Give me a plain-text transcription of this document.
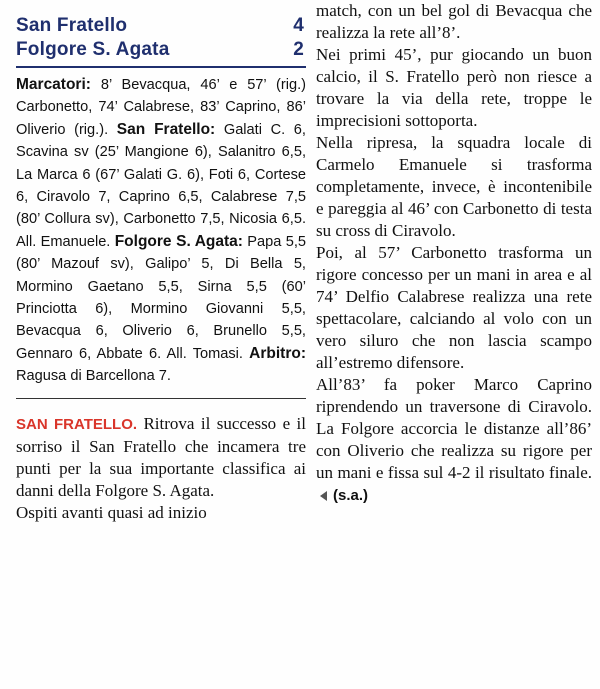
San Fratello	4
Folgore S. Agata	2
Marcatori: 8’ Bevacqua, 46’ e 57’ (rig.) Carbonetto, 74’ Calabrese, 83’ Caprino, 86’ Oliverio (rig.). San Fratello: Galati C. 6, Scavina sv (25’ Mangione 6), Salanitro 6,5, La Marca 6 (67’ Galati G. 6), Foti 6, Cortese 6, Ciravolo 7, Caprino 6,5, Calabrese 7,5 (80’ Collura sv), Carbonetto 7,5, Nicosia 6,5. All. Emanuele. Folgore S. Agata: Papa 5,5 (80’ Mazouf sv), Galipo’ 5, Di Bella 5, Mormino Gaetano 5,5, Sirna 5,5 (60’ Princiotta 6), Mormino Giovanni 5,5, Bevacqua 6, Oliverio 6, Brunello 5,5, Gennaro 6, Abbate 6. All. Tomasi. Arbitro: Ragusa di Barcellona 7.

SAN FRATELLO. Ritrova il successo e il sorriso il San Fratello che incamera tre punti per la sua importante classifica ai danni della Folgore S. Agata.

Ospiti avanti quasi ad inizio

match, con un bel gol di Bevacqua che realizza la rete all’8’.

Nei primi 45’, pur giocando un buon calcio, il S. Fratello però non riesce a trovare la via della rete, troppe le imprecisioni sottoporta.

Nella ripresa, la squadra locale di Carmelo Emanuele si trasforma completamente, invece, è incontenibile e pareggia al 46’ con Carbonetto di testa su cross di Ciravolo.

Poi, al 57’ Carbonetto trasforma un rigore concesso per un mani in area e al 74’ Delfio Calabrese realizza una rete spettacolare, calciando al volo con un vero siluro che non lascia scampo all’estremo difensore.

All’83’ fa poker Marco Caprino riprendendo un traversone di Ciravolo. La Folgore accorcia le distanze all’86’ con Oliverio che realizza su rigore per un mani e fissa sul 4-2 il risultato finale.(s.a.)
